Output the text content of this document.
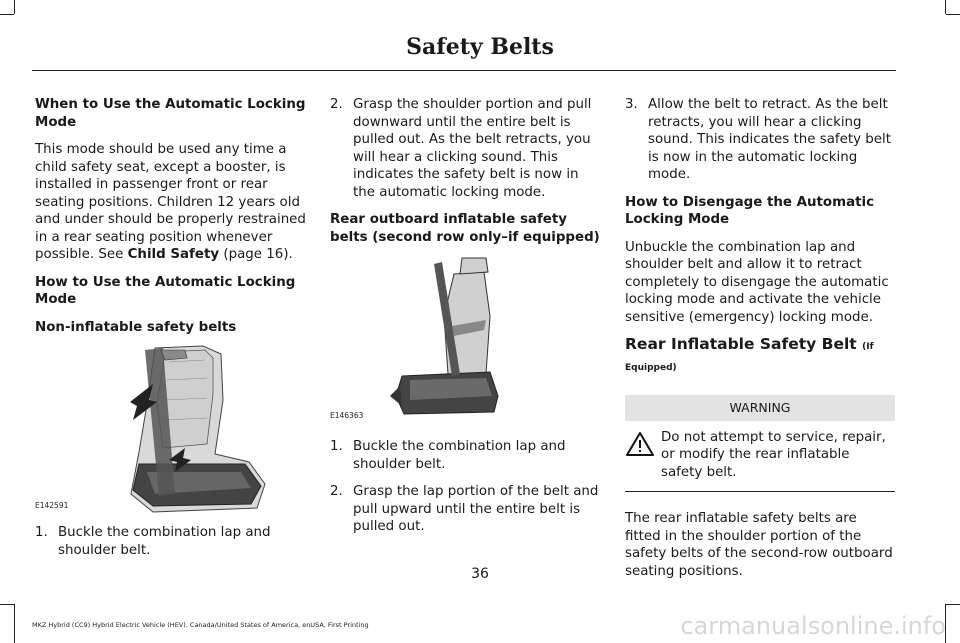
Safety Belts

When to Use the Automatic Locking Mode

This mode should be used any time a child safety seat, except a booster, is installed in passenger front or rear seating positions. Children 12 years old and under should be properly restrained in a rear seating position whenever possible. See Child Safety (page 16).

How to Use the Automatic Locking Mode

Non-inflatable safety belts

E142591
1. Buckle the combination lap and shoulder belt.
2. Grasp the shoulder portion and pull downward until the entire belt is pulled out. As the belt retracts, you will hear a clicking sound. This indicates the safety belt is now in the automatic locking mode.

Rear outboard inflatable safety belts (second row only–if equipped)

E146363
1. Buckle the combination lap and shoulder belt.
2. Grasp the lap portion of the belt and pull upward until the entire belt is pulled out.
3. Allow the belt to retract. As the belt retracts, you will hear a clicking sound. This indicates the safety belt is now in the automatic locking mode.

How to Disengage the Automatic Locking Mode

Unbuckle the combination lap and shoulder belt and allow it to retract completely to disengage the automatic locking mode and activate the vehicle sensitive (emergency) locking mode.

Rear Inflatable Safety Belt (If Equipped)
WARNING
Do not attempt to service, repair, or modify the rear inflatable safety belt.

The rear inflatable safety belts are fitted in the shoulder portion of the safety belts of the second-row outboard seating positions.

36
MKZ Hybrid (CC9) Hybrid Electric Vehicle (HEV), Canada/United States of America, enUSA, First Printing	carmanualsonline.info
